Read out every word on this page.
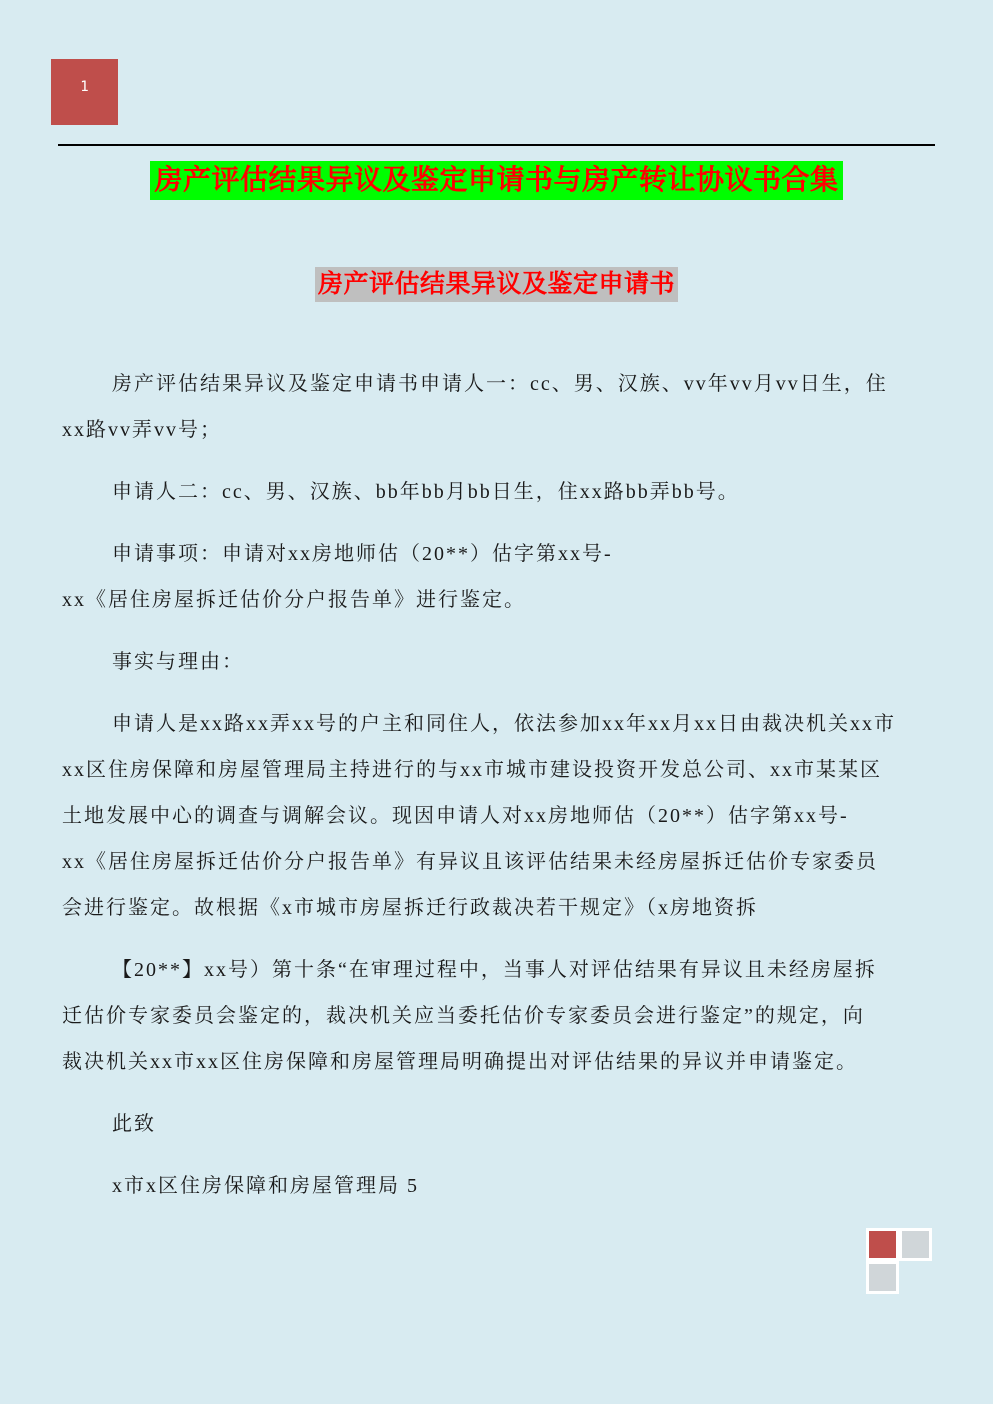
1
房产评估结果异议及鉴定申请书与房产转让协议书合集
房产评估结果异议及鉴定申请书
房产评估结果异议及鉴定申请书申请人一：cc、男、汉族、vv年vv月vv日生，住
xx路vv弄vv号；
申请人二：cc、男、汉族、bb年bb月bb日生，住xx路bb弄bb号。
申请事项：申请对xx房地师估（20**）估字第xx号-
xx《居住房屋拆迁估价分户报告单》进行鉴定。
事实与理由：
申请人是xx路xx弄xx号的户主和同住人，依法参加xx年xx月xx日由裁决机关xx市
xx区住房保障和房屋管理局主持进行的与xx市城市建设投资开发总公司、xx市某某区
土地发展中心的调查与调解会议。现因申请人对xx房地师估（20**）估字第xx号-
xx《居住房屋拆迁估价分户报告单》有异议且该评估结果未经房屋拆迁估价专家委员
会进行鉴定。故根据《x市城市房屋拆迁行政裁决若干规定》（x房地资拆
【20**】xx号）第十条“在审理过程中，当事人对评估结果有异议且未经房屋拆
迁估价专家委员会鉴定的，裁决机关应当委托估价专家委员会进行鉴定”的规定，向
裁决机关xx市xx区住房保障和房屋管理局明确提出对评估结果的异议并申请鉴定。
此致
x市x区住房保障和房屋管理局 5
